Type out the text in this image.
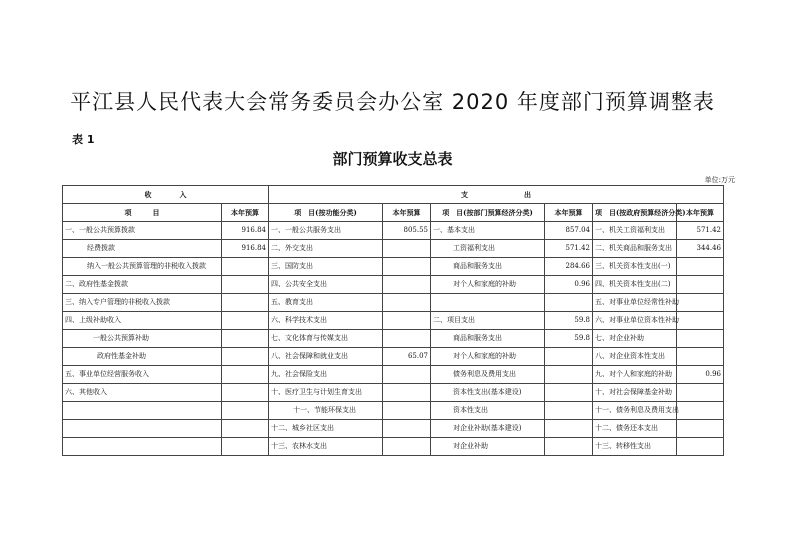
平江县人民代表大会常务委员会办公室 2020 年度部门预算调整表
表 1
部门预算收支总表
单位:万元
收　　　　入		支　　　　　　　　出					
项　　　目	本年预算	项　目(按功能分类)	本年预算	项　目(按部门预算经济分类)	本年预算	项　目(按政府预算经济分类)	本年预算
一、一般公共预算拨款	916.84	一、一般公共服务支出	805.55	一、基本支出	857.04	一、机关工资福利支出	571.42
经费拨款	916.84	二、外交支出		工资福利支出	571.42	二、机关商品和服务支出	344.46
纳入一般公共预算管理的非税收入拨款		三、国防支出		商品和服务支出	284.66	三、机关资本性支出(一)	
二、政府性基金拨款		四、公共安全支出		对个人和家庭的补助	0.96	四、机关资本性支出(二)	
三、纳入专户管理的非税收入拨款		五、教育支出				五、对事业单位经常性补助	
四、上级补助收入		六、科学技术支出		二、项目支出	59.8	六、对事业单位资本性补助	
一般公共预算补助		七、文化体育与传媒支出		商品和服务支出	59.8	七、对企业补助	
政府性基金补助		八、社会保障和就业支出	65.07	对个人和家庭的补助		八、对企业资本性支出	
五、事业单位经营服务收入		九、社会保险支出		债务利息及费用支出		九、对个人和家庭的补助	0.96
六、其他收入		十、医疗卫生与计划生育支出		资本性支出(基本建设)		十、对社会保障基金补助	
		十一、节能环保支出		资本性支出		十一、债务利息及费用支出	
		十二、城乡社区支出		对企业补助(基本建设)		十二、债务还本支出	
		十三、农林水支出		对企业补助		十三、转移性支出	
